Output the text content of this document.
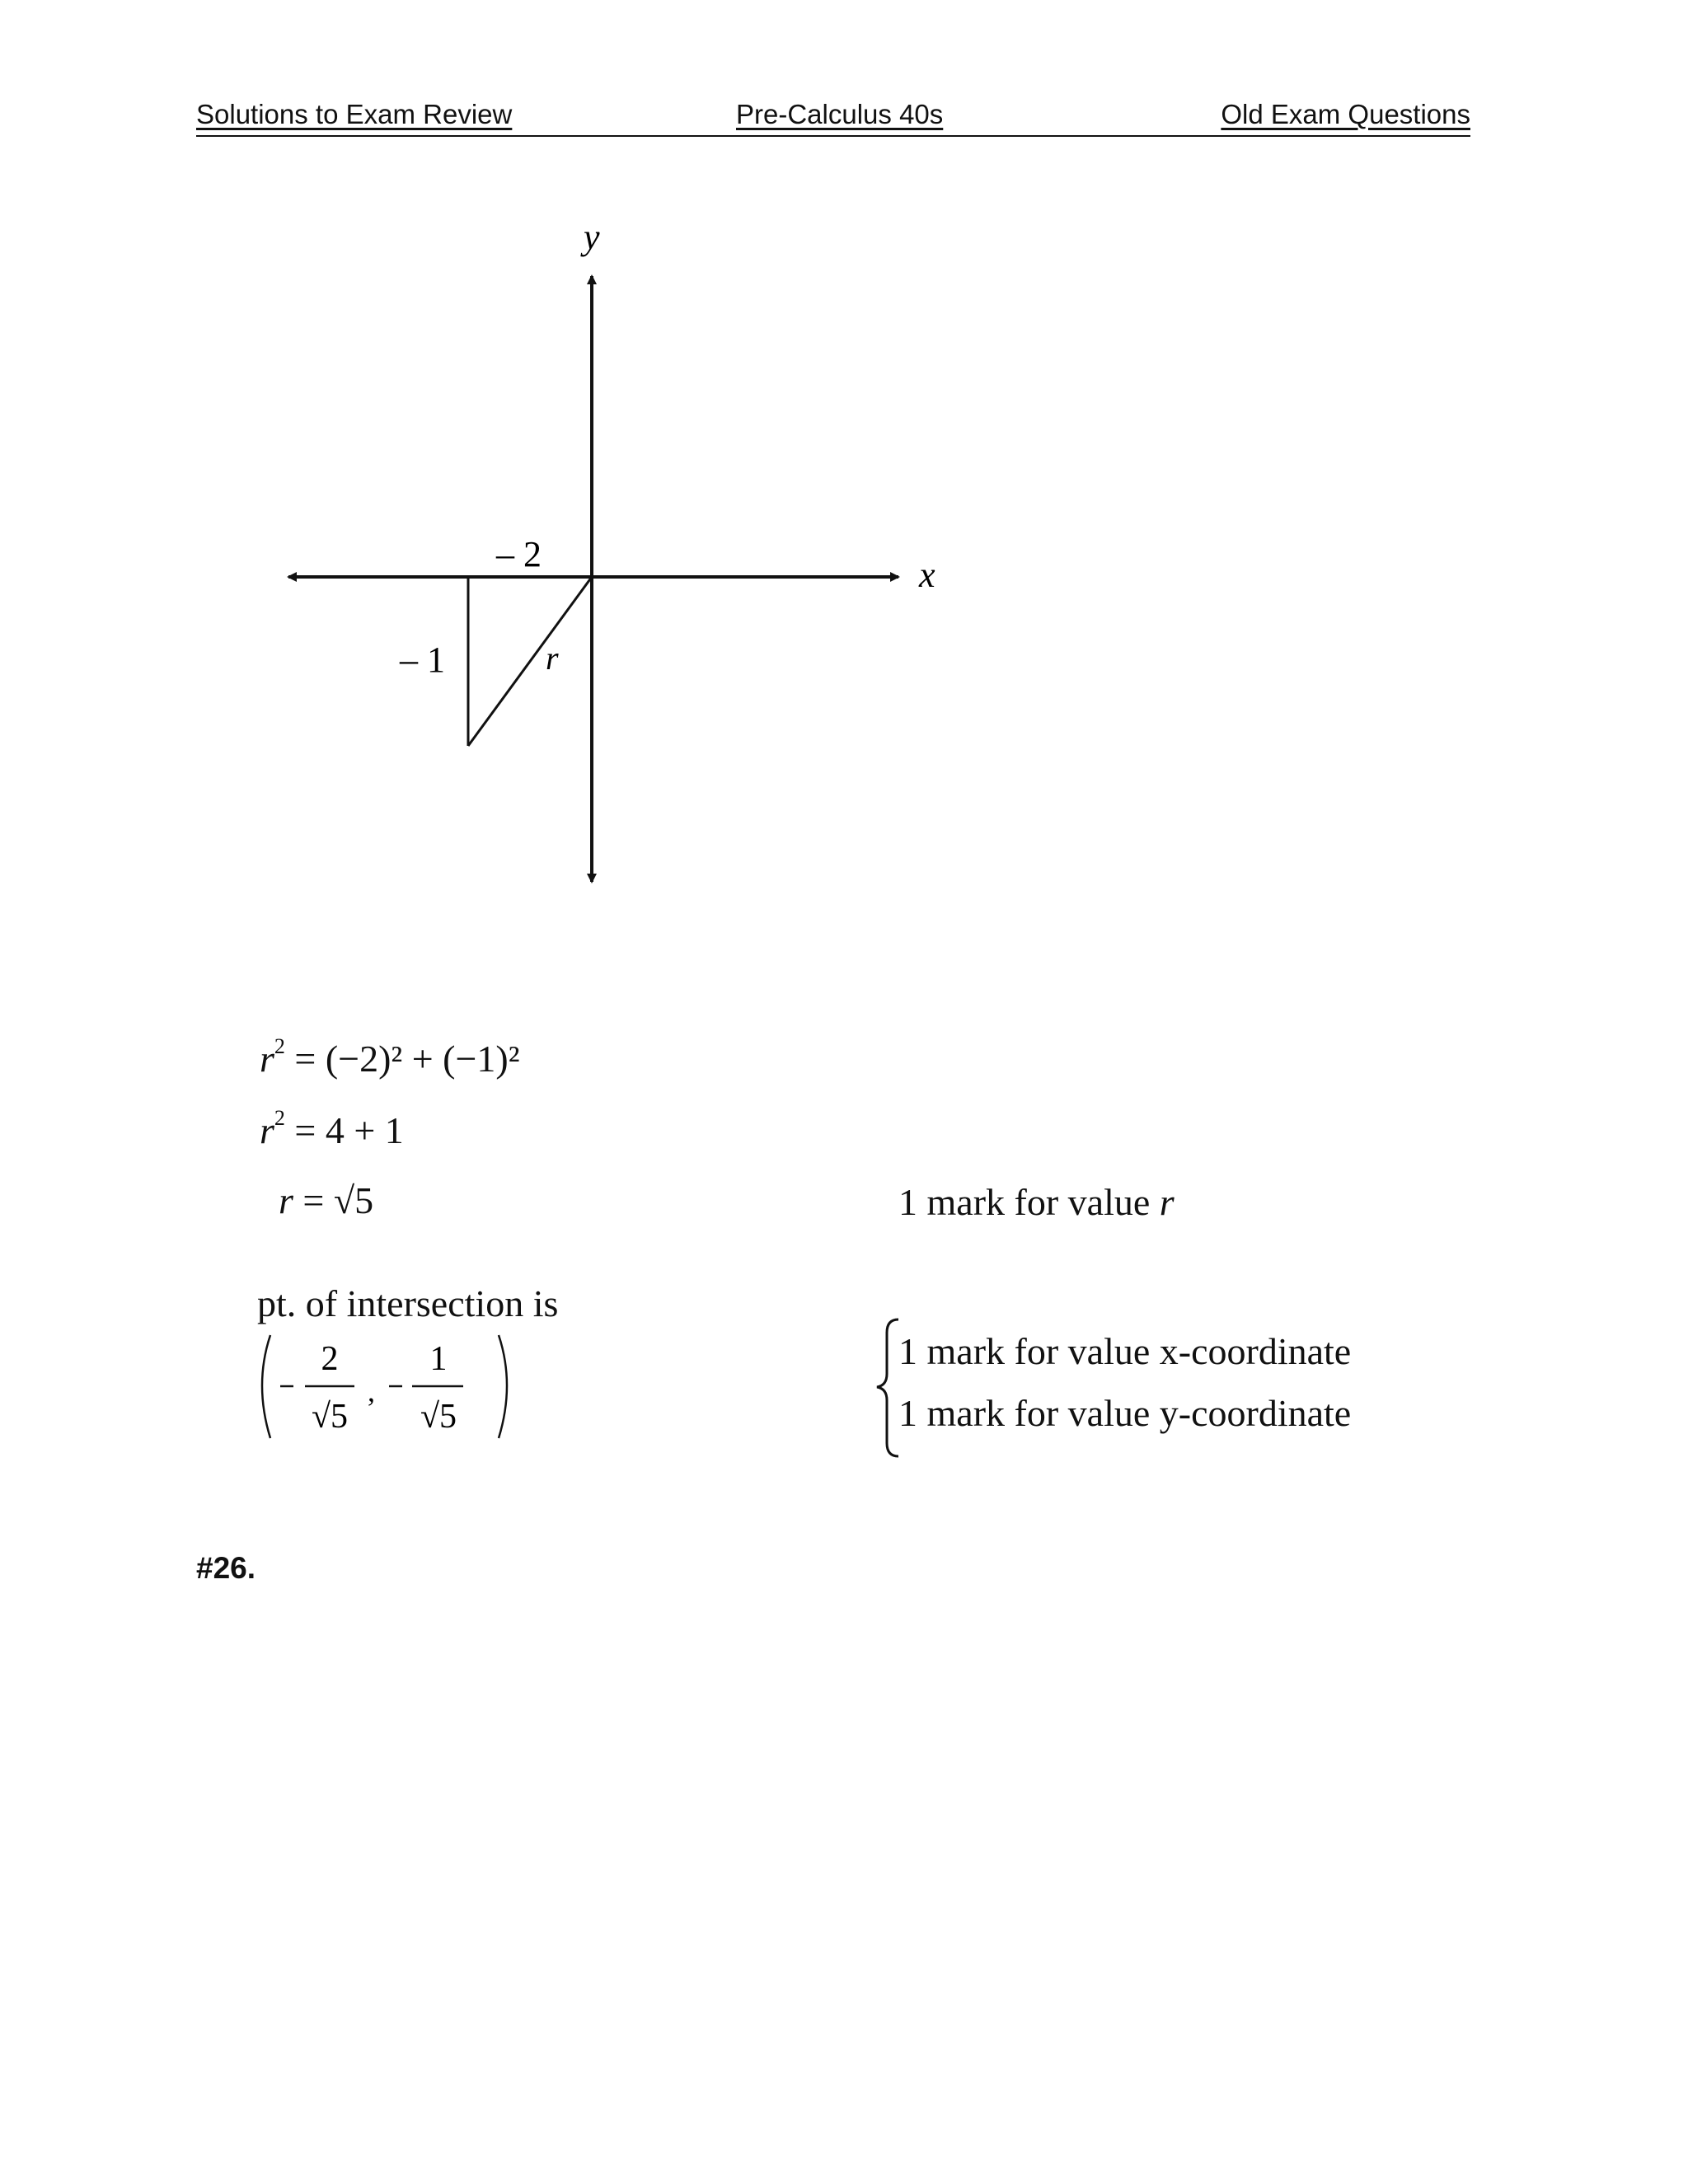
Solutions to Exam Review	Pre-Calculus 40s	Old Exam Questions
y
x
– 2
– 1	r
$r^2 = (-2)^2 + (-1)^2$
$r^2 = 4 + 1$
r = √5	1 mark for value r
pt. of intersection is
2
√5
,
1
√5
1 mark for value x-coordinate
1 mark for value y-coordinate
#26.
